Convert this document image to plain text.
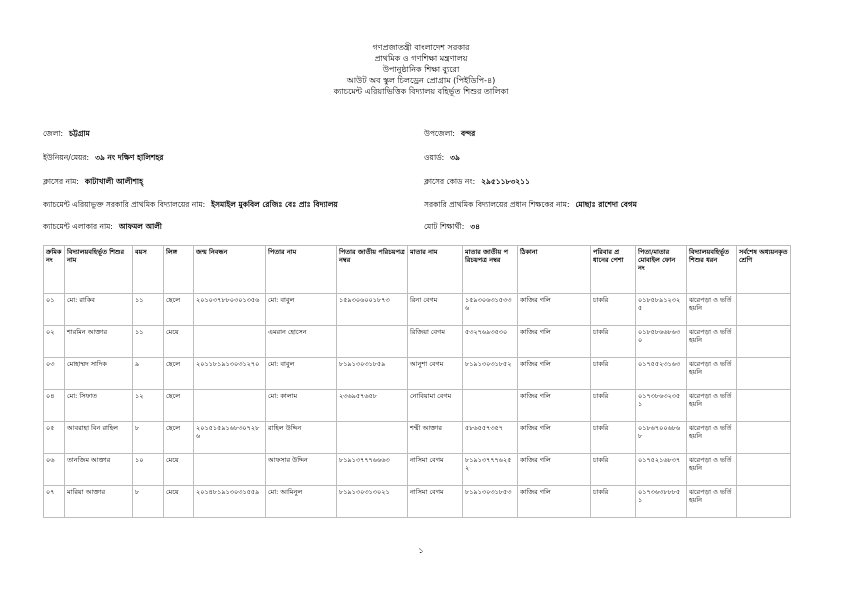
গণপ্রজাতন্ত্রী বাংলাদেশ সরকার
প্রাথমিক ও গণশিক্ষা মন্ত্রণালয়
উপানুষ্ঠানিক শিক্ষা ব্যুরো
আউট অব স্কুল চিলড্রেন প্রোগ্রাম (পিইডিপি-৪)
ক্যাচমেন্ট এরিয়াভিত্তিক বিদ্যালয় বহির্ভূত শিশুর তালিকা
জেলা: চট্টগ্রাম	উপজেলা: বন্দর
ইউনিয়ন/মেয়র: ৩৯ নং দক্ষিণ হালিশহর	ওয়ার্ড: ৩৯
ক্লাসের নাম: কাটাখালী আলীশাহ্‌	ক্লাসের কোড নং: ২৯৫১১৮৩২১১
ক্যাচমেন্ট এরিয়াভুক্ত সরকারি প্রাথমিক বিদ্যালয়ের নাম: ইসমাইল মুকবিল রেজিঃ বেঃ প্রাঃ বিদ্যালয়	সরকারি প্রাথমিক বিদ্যালয়ের প্রধান শিক্ষকের নাম: মোছাঃ রাশেদা বেগম
ক্যাচমেন্ট এলাকার নাম: আফমল আলী	মোট শিক্ষার্থী: ৩৪
ক্রমিক নং	বিদ্যালয়বহির্ভূত শিশুর নাম	বয়স	লিঙ্গ	জন্ম নিবন্ধন	পিতার নাম	পিতার জাতীয় পরিচয়পত্র নম্বর	মাতার নাম	মাতার জাতীয় পরিচয়পত্র নম্বর	ঠিকানা	পরিবার প্রধানের পেশা	পিতা/মাতার মোবাইল ফোন নং	বিদ্যালয়বহির্ভূত শিশুর ধরন	সর্বশেষ অধ্যয়নকৃত শ্রেণি
০১	মো: রাকিব	১১	ছেলে	২০১০৩৭৮৮০৩০১৩৫৬	মো: বাবুল	১৫৯৩০৬০০১৮৭৩	রিনা বেগম	১৫৯৩০৬৩১৫৩৩৬	কাজির গলি	চাকরি	০১৮৫৮৯১২৩২৫	ঝরেপড়া ও ভর্তি হয়নি	
০২	শারমিন আক্তার	১১	মেয়ে		এমরান হোসেন		রিজিয়া বেগম	৫৩২৭৬৯৩৫৩০	কাজির গলি	চাকরি	০১৮৫৮৬৬৮৬৩০	ঝরেপড়া ও ভর্তি হয়নি	
০৩	মোহাম্মদ সাদিক	৯	ছেলে	২০১১৮১৯১৩০৩১২৭০	মো: বাবুল	৮১৯১৩০৩১৮৫৯	আনুশা বেগম	৮১৯১৩০৩১৮৫২	কাজির গলি	চাকরি	০১৭৫৫২৩১৬৩	ঝরেপড়া ও ভর্তি হয়নি	
০৪	মো: সিফাত	১২	ছেলে		মো: কালাম	২৩৬৯৫৭৬৫৮	নোবিয়ামা বেগম		কাজির গলি	চাকরি	০১৭৩৮৬৩২৩৫১	ঝরেপড়া ও ভর্তি হয়নি	
০৫	আবরাহা বিন রাহিল	৮	ছেলে	২০১৫১৫৯১৬৮৩০৭২৮৬	রাহিল উদ্দিন		শম্মী আক্তার	৫৮৬৫৫৭৩৫৭	কাজির গলি	চাকরি	০১৮৬৭০০৬৮৬৮	ঝরেপড়া ও ভর্তি হয়নি	
০৬	তানজিম আক্তার	১০	মেয়ে		আফসার উদ্দিন	৮১৯১৩৭৭৭৬৬৬৩	নাসিমা বেগম	৮১৯১৩৭৭৭৬২৫২	কাজির গলি	চাকরি	০১৭৫২১৬৮৩৭	ঝরেপড়া ও ভর্তি হয়নি	
০৭	মারিয়া আক্তার	৮	মেয়ে	২০১৪৮১৯১৩০৩১৫৫৯	মো: আমিনুল	৮১৯১৩০৩১৩০২১	নাসিমা বেগম	৮১৯১৩০৩১৮৫৩	কাজির গলি	চাকরি	০১৭৩৬৩৮৮৮৫১	ঝরেপড়া ও ভর্তি হয়নি	
১
